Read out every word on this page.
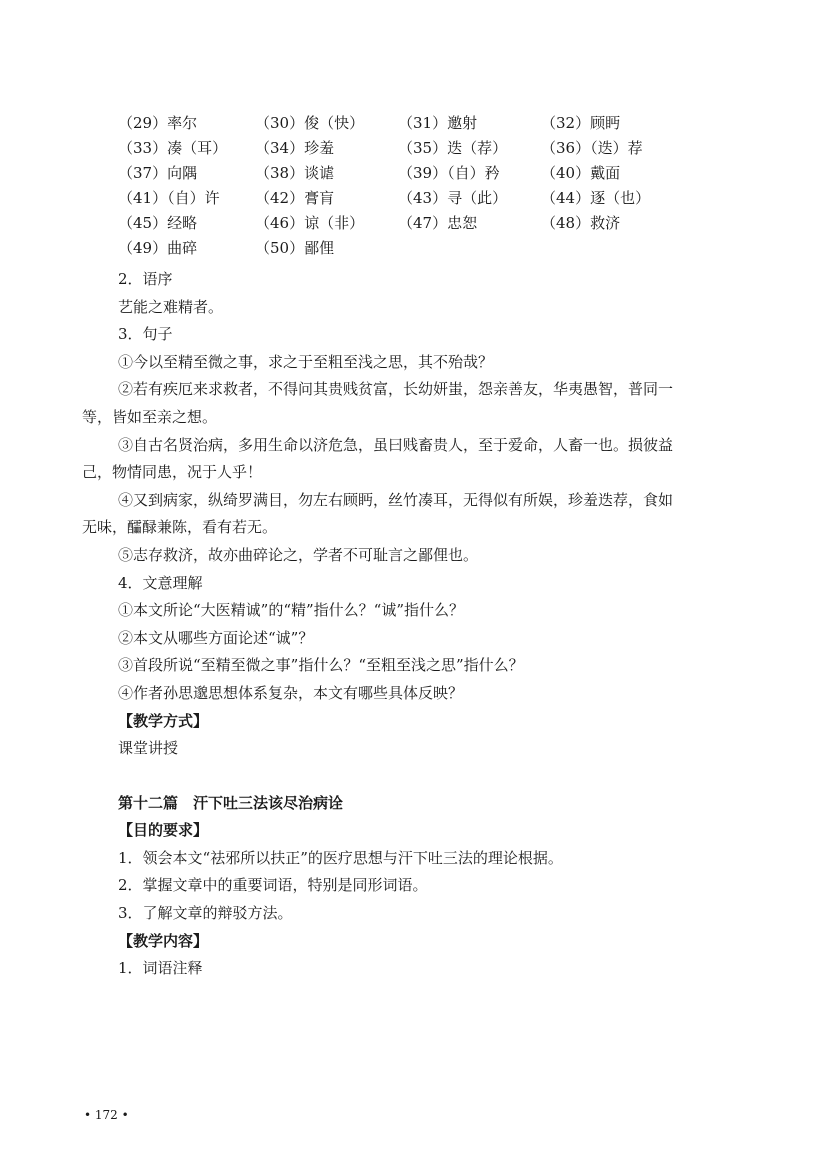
（29）率尔	（30）俊（快） （31）邀射	（32）顾眄
（33）凑（耳） （34）珍羞	（35）迭（荐） （36）（迭）荐
（37）向隅	（38）谈谑	（39）（自）矜	（40）戴面
（41）（自）许 （42）膏肓	（43）寻（此） （44）逐（也）
（45）经略	（46）谅（非） （47）忠恕	（48）救济
（49）曲碎	（50）鄙俚

2．语序

艺能之难精者。

3．句子

①今以至精至微之事，求之于至粗至浅之思，其不殆哉？

②若有疾厄来求救者，不得问其贵贱贫富，长幼妍蚩，怨亲善友，华夷愚智，普同一

等，皆如至亲之想。

③自古名贤治病，多用生命以济危急，虽曰贱畜贵人，至于爱命，人畜一也。损彼益

己，物情同患，况于人乎！

④又到病家，纵绮罗满目，勿左右顾眄，丝竹凑耳，无得似有所娱，珍羞迭荐，食如

无味，醽醁兼陈，看有若无。

⑤志存救济，故亦曲碎论之，学者不可耻言之鄙俚也。

4．文意理解

①本文所论“大医精诚”的“精”指什么？“诚”指什么？

②本文从哪些方面论述“诚”？

③首段所说“至精至微之事”指什么？“至粗至浅之思”指什么？

④作者孙思邈思想体系复杂，本文有哪些具体反映？

【教学方式】

课堂讲授

第十二篇　汗下吐三法该尽治病诠

【目的要求】

1．领会本文“祛邪所以扶正”的医疗思想与汗下吐三法的理论根据。

2．掌握文章中的重要词语，特别是同形词语。

3．了解文章的辩驳方法。

【教学内容】

1．词语注释

• 172 •
